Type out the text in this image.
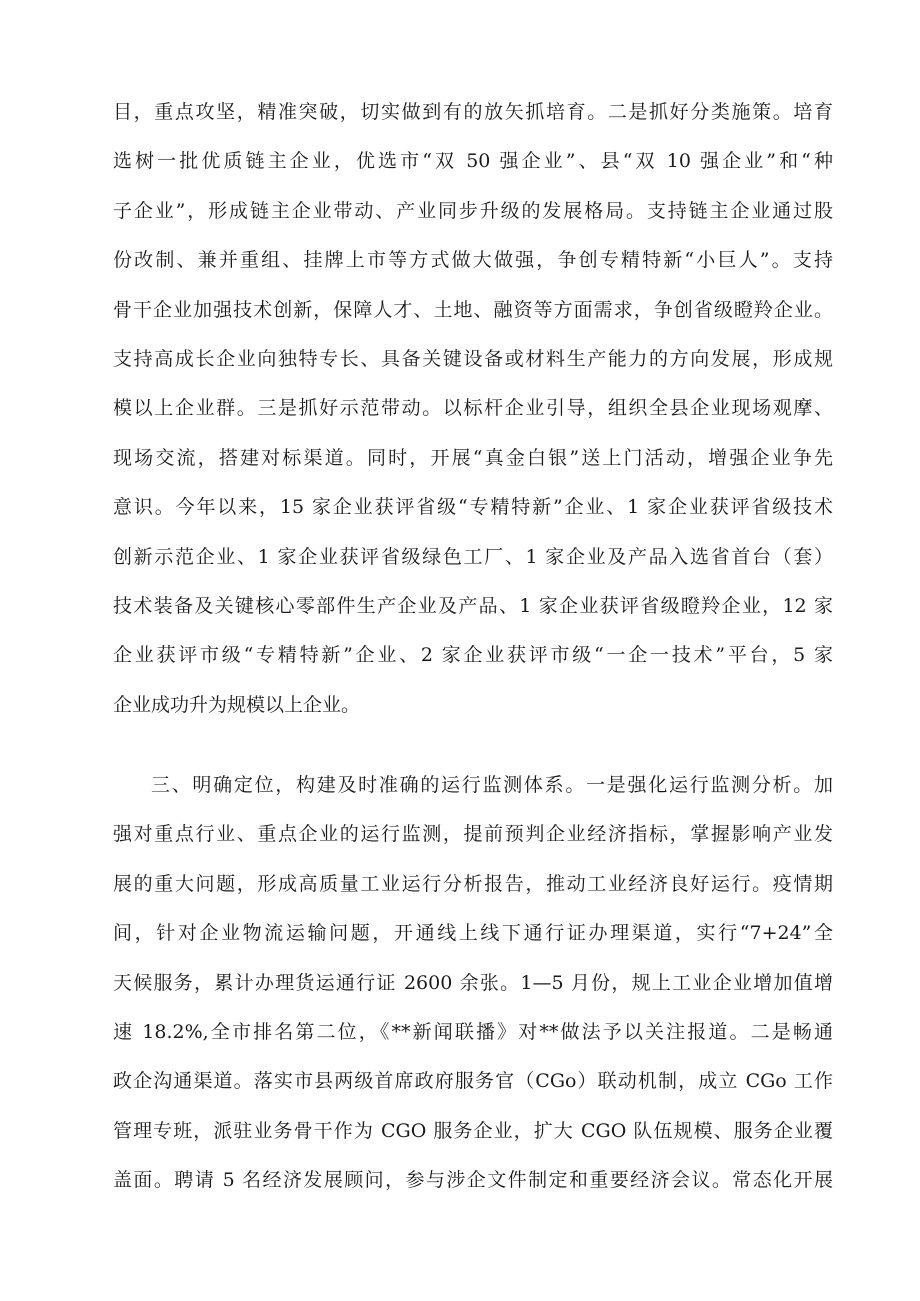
目，重点攻坚，精准突破，切实做到有的放矢抓培育。二是抓好分类施策。培育
选树一批优质链主企业，优选市“双 50 强企业”、县“双 10 强企业”和“种
子企业”，形成链主企业带动、产业同步升级的发展格局。支持链主企业通过股
份改制、兼并重组、挂牌上市等方式做大做强，争创专精特新“小巨人”。支持
骨干企业加强技术创新，保障人才、土地、融资等方面需求，争创省级瞪羚企业。
支持高成长企业向独特专长、具备关键设备或材料生产能力的方向发展，形成规
模以上企业群。三是抓好示范带动。以标杆企业引导，组织全县企业现场观摩、
现场交流，搭建对标渠道。同时，开展“真金白银”送上门活动，增强企业争先
意识。今年以来，15 家企业获评省级“专精特新”企业、1 家企业获评省级技术
创新示范企业、1 家企业获评省级绿色工厂、1 家企业及产品入选省首台（套）
技术装备及关键核心零部件生产企业及产品、1 家企业获评省级瞪羚企业，12 家
企业获评市级“专精特新”企业、2 家企业获评市级“一企一技术”平台，5 家
企业成功升为规模以上企业。
三、明确定位，构建及时准确的运行监测体系。一是强化运行监测分析。加
强对重点行业、重点企业的运行监测，提前预判企业经济指标，掌握影响产业发
展的重大问题，形成高质量工业运行分析报告，推动工业经济良好运行。疫情期
间，针对企业物流运输问题，开通线上线下通行证办理渠道，实行“7+24”全
天候服务，累计办理货运通行证 2600 余张。1—5 月份，规上工业企业增加值增
速 18.2%,全市排名第二位，《**新闻联播》对**做法予以关注报道。二是畅通
政企沟通渠道。落实市县两级首席政府服务官（CGo）联动机制，成立 CGo 工作
管理专班，派驻业务骨干作为 CGO 服务企业，扩大 CGO 队伍规模、服务企业覆
盖面。聘请 5 名经济发展顾问，参与涉企文件制定和重要经济会议。常态化开展
